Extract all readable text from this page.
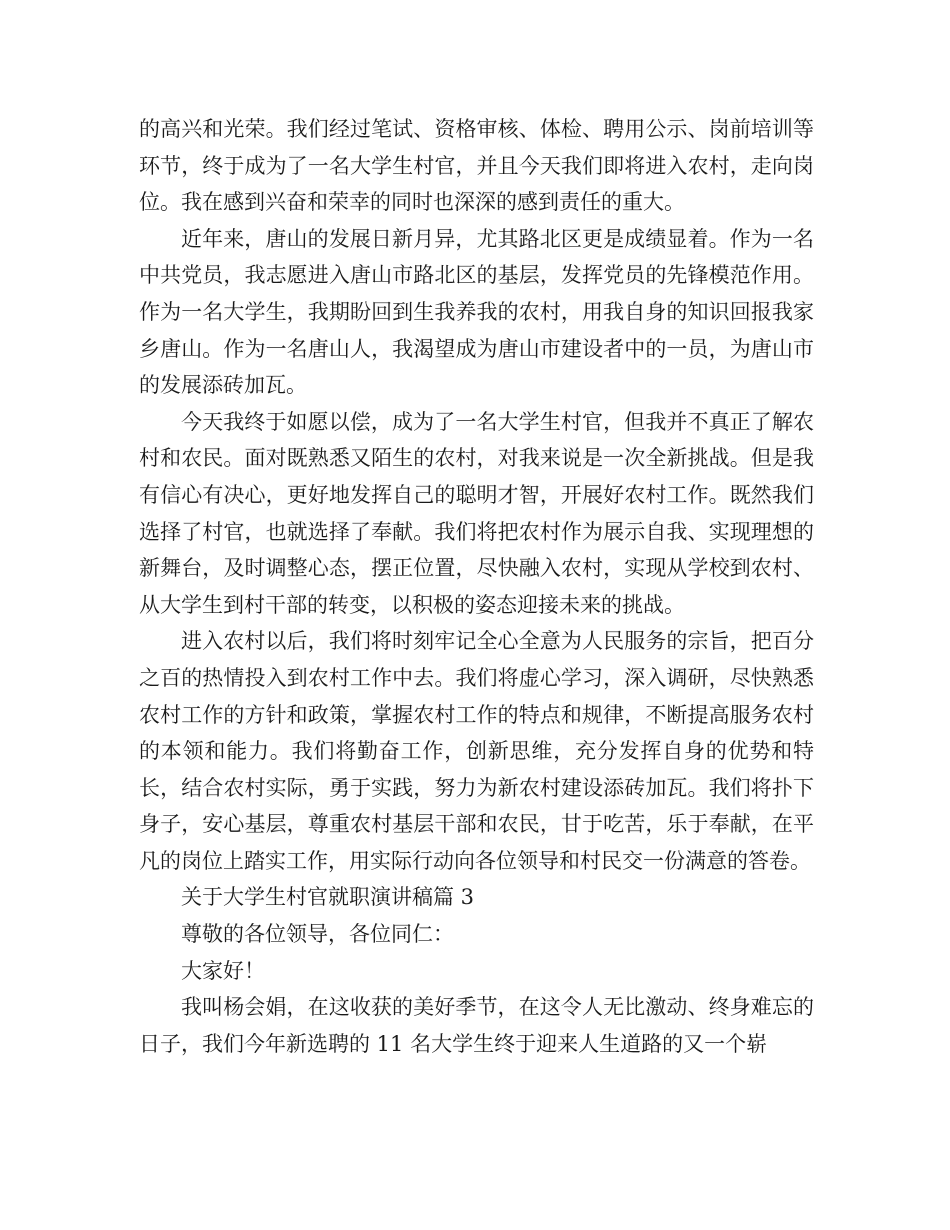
的高兴和光荣。我们经过笔试、资格审核、体检、聘用公示、岗前培训等环节，终于成为了一名大学生村官，并且今天我们即将进入农村，走向岗位。我在感到兴奋和荣幸的同时也深深的感到责任的重大。

近年来，唐山的发展日新月异，尤其路北区更是成绩显着。作为一名中共党员，我志愿进入唐山市路北区的基层，发挥党员的先锋模范作用。作为一名大学生，我期盼回到生我养我的农村，用我自身的知识回报我家乡唐山。作为一名唐山人，我渴望成为唐山市建设者中的一员，为唐山市的发展添砖加瓦。

今天我终于如愿以偿，成为了一名大学生村官，但我并不真正了解农村和农民。面对既熟悉又陌生的农村，对我来说是一次全新挑战。但是我有信心有决心，更好地发挥自己的聪明才智，开展好农村工作。既然我们选择了村官，也就选择了奉献。我们将把农村作为展示自我、实现理想的新舞台，及时调整心态，摆正位置，尽快融入农村，实现从学校到农村、从大学生到村干部的转变，以积极的姿态迎接未来的挑战。

进入农村以后，我们将时刻牢记全心全意为人民服务的宗旨，把百分之百的热情投入到农村工作中去。我们将虚心学习，深入调研，尽快熟悉农村工作的方针和政策，掌握农村工作的特点和规律，不断提高服务农村的本领和能力。我们将勤奋工作，创新思维，充分发挥自身的优势和特长，结合农村实际，勇于实践，努力为新农村建设添砖加瓦。我们将扑下身子，安心基层，尊重农村基层干部和农民，甘于吃苦，乐于奉献，在平凡的岗位上踏实工作，用实际行动向各位领导和村民交一份满意的答卷。

关于大学生村官就职演讲稿篇 3

尊敬的各位领导，各位同仁：

大家好！

我叫杨会娟，在这收获的美好季节，在这令人无比激动、终身难忘的日子，我们今年新选聘的 11 名大学生终于迎来人生道路的又一个崭
